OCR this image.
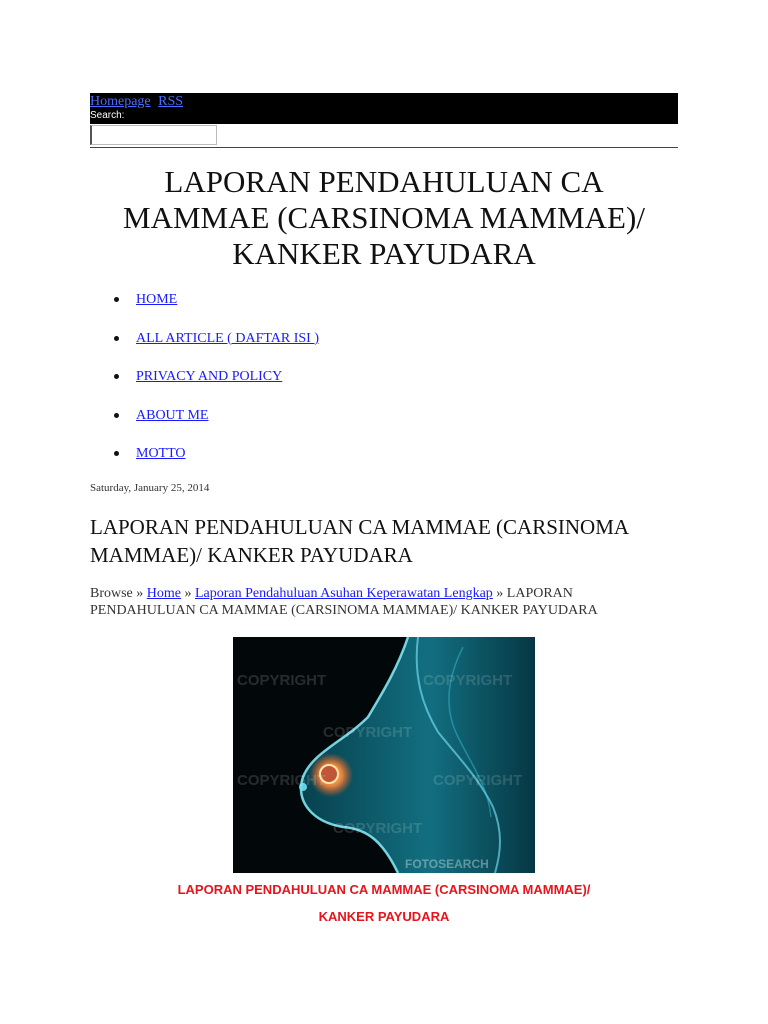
Homepage RSS
Search:
LAPORAN PENDAHULUAN CA MAMMAE (CARSINOMA MAMMAE)/ KANKER PAYUDARA
HOME
ALL ARTICLE ( DAFTAR ISI )
PRIVACY AND POLICY
ABOUT ME
MOTTO
Saturday, January 25, 2014
LAPORAN PENDAHULUAN CA MAMMAE (CARSINOMA MAMMAE)/ KANKER PAYUDARA
Browse » Home » Laporan Pendahuluan Asuhan Keperawatan Lengkap » LAPORAN PENDAHULUAN CA MAMMAE (CARSINOMA MAMMAE)/ KANKER PAYUDARA
COPYRIGHT	COPYRIGHT
COPYRIGHT
COPYRIGHT	COPYRIGHT
COPYRIGHT
FOTOSEARCH
LAPORAN PENDAHULUAN CA MAMMAE (CARSINOMA MAMMAE)/
KANKER PAYUDARA
